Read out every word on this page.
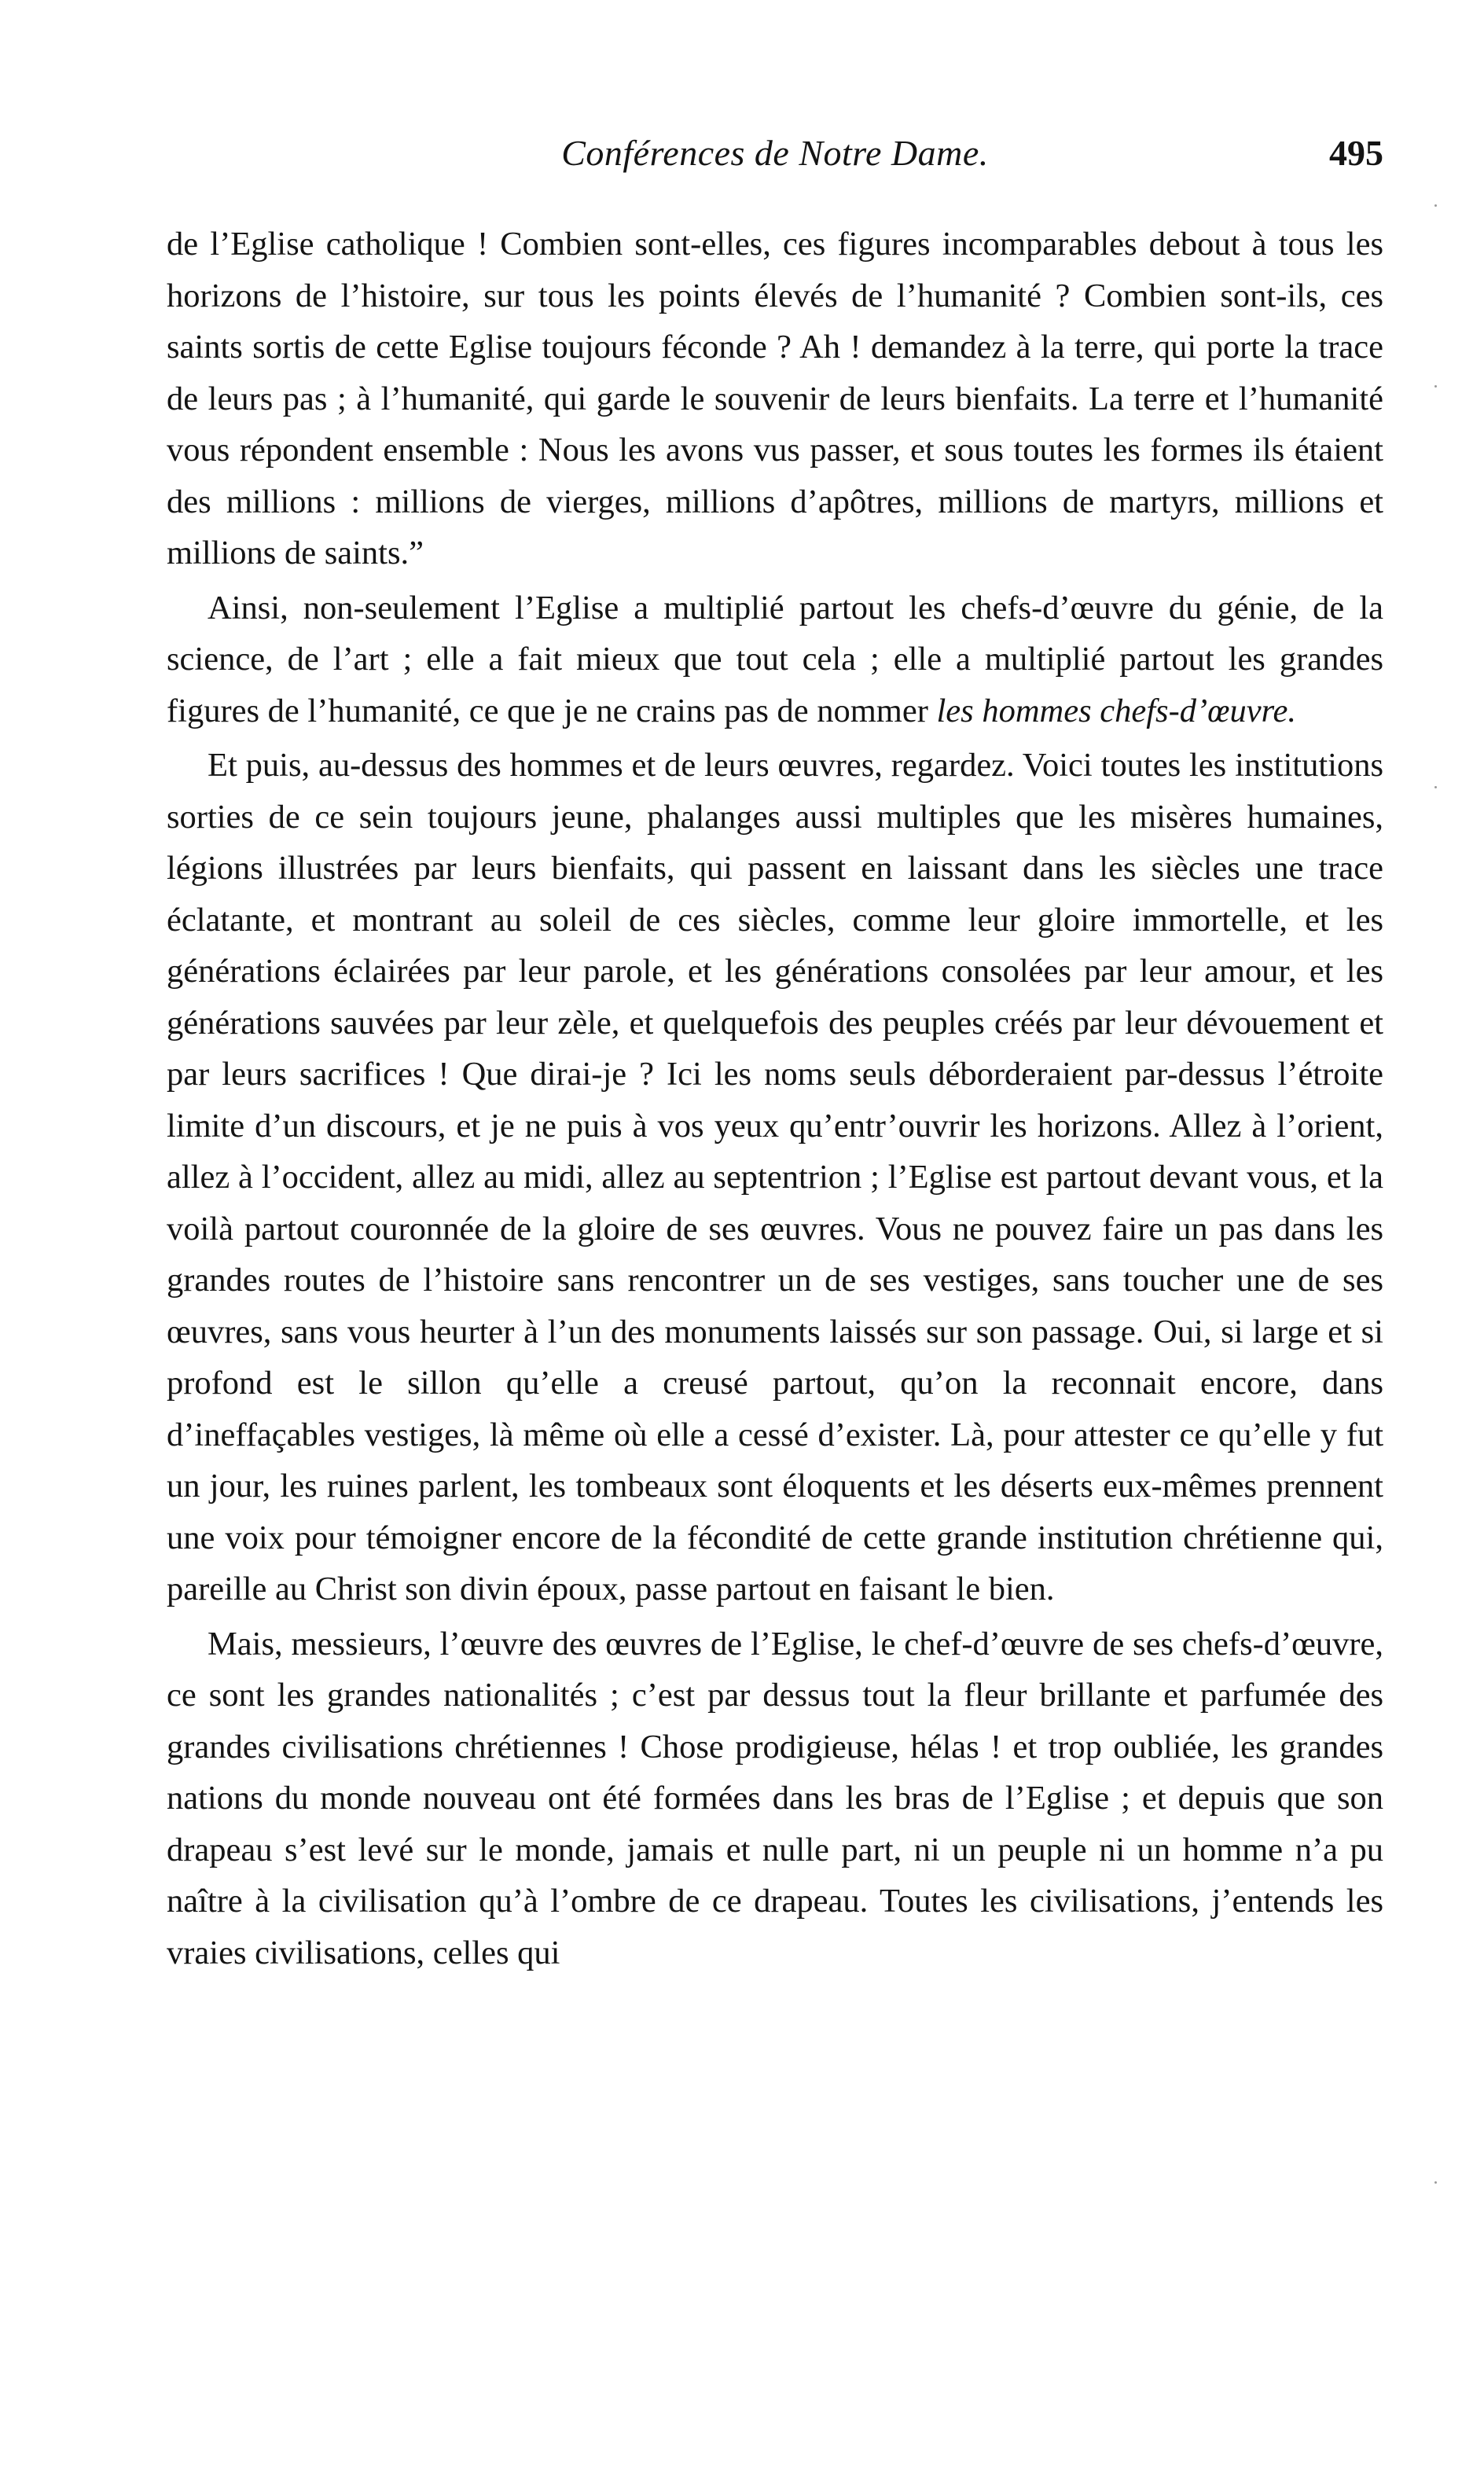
Conférences de Notre Dame.	495

de l’Eglise catholique ! Combien sont-elles, ces figures incomparables debout à tous les horizons de l’histoire, sur tous les points élevés de l’humanité ? Combien sont-ils, ces saints sortis de cette Eglise toujours féconde ? Ah ! demandez à la terre, qui porte la trace de leurs pas ; à l’humanité, qui garde le souvenir de leurs bienfaits. La terre et l’humanité vous répondent ensemble : Nous les avons vus passer, et sous toutes les formes ils étaient des millions : millions de vierges, millions d’apôtres, millions de martyrs, millions et millions de saints.”

Ainsi, non-seulement l’Eglise a multiplié partout les chefs-d’œuvre du génie, de la science, de l’art ; elle a fait mieux que tout cela ; elle a multiplié partout les grandes figures de l’humanité, ce que je ne crains pas de nommer les hommes chefs-d’œuvre.

Et puis, au-dessus des hommes et de leurs œuvres, regardez. Voici toutes les institutions sorties de ce sein toujours jeune, phalanges aussi multiples que les misères humaines, légions illustrées par leurs bienfaits, qui passent en laissant dans les siècles une trace éclatante, et montrant au soleil de ces siècles, comme leur gloire immortelle, et les générations éclairées par leur parole, et les générations consolées par leur amour, et les générations sauvées par leur zèle, et quelquefois des peuples créés par leur dévouement et par leurs sacrifices ! Que dirai-je ? Ici les noms seuls déborderaient par-dessus l’étroite limite d’un discours, et je ne puis à vos yeux qu’entr’ouvrir les horizons. Allez à l’orient, allez à l’occident, allez au midi, allez au septentrion ; l’Eglise est partout devant vous, et la voilà partout couronnée de la gloire de ses œuvres. Vous ne pouvez faire un pas dans les grandes routes de l’histoire sans rencontrer un de ses vestiges, sans toucher une de ses œuvres, sans vous heurter à l’un des monuments laissés sur son passage. Oui, si large et si profond est le sillon qu’elle a creusé partout, qu’on la reconnait encore, dans d’ineffaçables vestiges, là même où elle a cessé d’exister. Là, pour attester ce qu’elle y fut un jour, les ruines parlent, les tombeaux sont éloquents et les déserts eux-mêmes prennent une voix pour témoigner encore de la fécondité de cette grande institution chrétienne qui, pareille au Christ son divin époux, passe partout en faisant le bien.

Mais, messieurs, l’œuvre des œuvres de l’Eglise, le chef-d’œuvre de ses chefs-d’œuvre, ce sont les grandes nationalités ; c’est par dessus tout la fleur brillante et parfumée des grandes civilisations chrétiennes ! Chose prodigieuse, hélas ! et trop oubliée, les grandes nations du monde nouveau ont été formées dans les bras de l’Eglise ; et depuis que son drapeau s’est levé sur le monde, jamais et nulle part, ni un peuple ni un homme n’a pu naître à la civilisation qu’à l’ombre de ce drapeau. Toutes les civilisations, j’entends les vraies civilisations, celles qui
